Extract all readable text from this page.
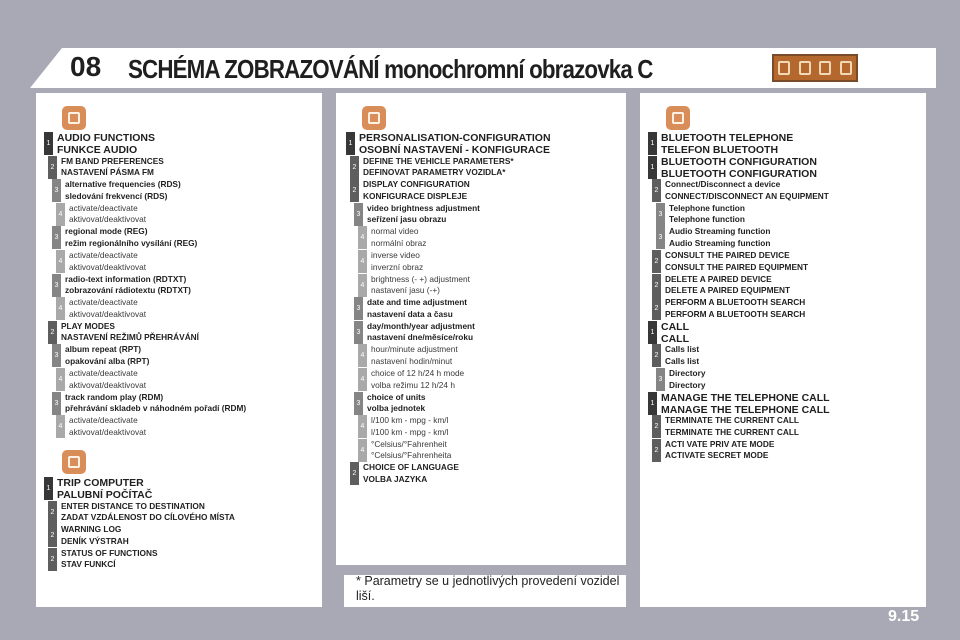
08 SCHÉMA ZOBRAZOVÁNÍ monochromní obrazovka C
1 AUDIO FUNCTIONS
FUNKCE AUDIO
2
FM BAND PREFERENCES
NASTAVENÍ PÁSMA FM
3
alternative frequencies (RDS)
sledování frekvencí (RDS)
4
activate/deactivate
aktivovat/deaktivovat
3
regional mode (REG)
režim regionálního vysílání (REG)
4
activate/deactivate
aktivovat/deaktivovat
3
radio-text information (RDTXT)
zobrazování rádiotextu (RDTXT)
4
activate/deactivate
aktivovat/deaktivovat
2
PLAY MODES
NASTAVENÍ REŽIMŮ PŘEHRÁVÁNÍ
3
album repeat (RPT)
opakování alba (RPT)
4
activate/deactivate
aktivovat/deaktivovat
3
track random play (RDM)
přehrávání skladeb v náhodném pořadí (RDM)
4
activate/deactivate
aktivovat/deaktivovat
1 TRIP COMPUTER
PALUBNÍ POČÍTAČ
2
ENTER DISTANCE TO DESTINATION
ZADAT VZDÁLENOST DO CÍLOVÉHO MÍSTA
2
WARNING LOG
DENÍK VÝSTRAH
2
STATUS OF FUNCTIONS
STAV FUNKCÍ
1 PERSONALISATION-CONFIGURATION
OSOBNÍ NASTAVENÍ - KONFIGURACE
2
DEFINE THE VEHICLE PARAMETERS*
DEFINOVAT PARAMETRY VOZIDLA*
2
DISPLAY CONFIGURATION
KONFIGURACE DISPLEJE
3
video brightness adjustment
seřízení jasu obrazu
4
normal video
normální obraz
4
inverse video
inverzní obraz
4
brightness (- +) adjustment
nastavení jasu (-+)
3
date and time adjustment
nastavení data a času
3
day/month/year adjustment
nastavení dne/měsíce/roku
4
hour/minute adjustment
nastavení hodin/minut
4
choice of 12 h/24 h mode
volba režimu 12 h/24 h
3
choice of units
volba jednotek
4
l/100 km - mpg - km/l
l/100 km - mpg - km/l
4
°Celsius/°Fahrenheit
°Celsius/°Fahrenheita
2
CHOICE OF LANGUAGE
VOLBA JAZYKA
1 BLUETOOTH TELEPHONE
TELEFON BLUETOOTH
1 BLUETOOTH CONFIGURATION
BLUETOOTH CONFIGURATION
2
Connect/Disconnect a device
CONNECT/DISCONNECT AN EQUIPMENT
3
Telephone function
Telephone function
3
Audio Streaming function
Audio Streaming function
2
CONSULT THE PAIRED DEVICE
CONSULT THE PAIRED EQUIPMENT
2
DELETE A PAIRED DEVICE
DELETE A PAIRED EQUIPMENT
2
PERFORM A BLUETOOTH SEARCH
PERFORM A BLUETOOTH SEARCH
1 CALL
CALL
2
Calls list
Calls list
3
Directory
Directory
1 MANAGE THE TELEPHONE CALL
MANAGE THE TELEPHONE CALL
2
TERMINATE THE CURRENT CALL
TERMINATE THE CURRENT CALL
2
ACTI VATE PRIV ATE MODE
ACTIVATE SECRET MODE
* Parametry se u jednotlivých provedení vozidel liší.
9.15
